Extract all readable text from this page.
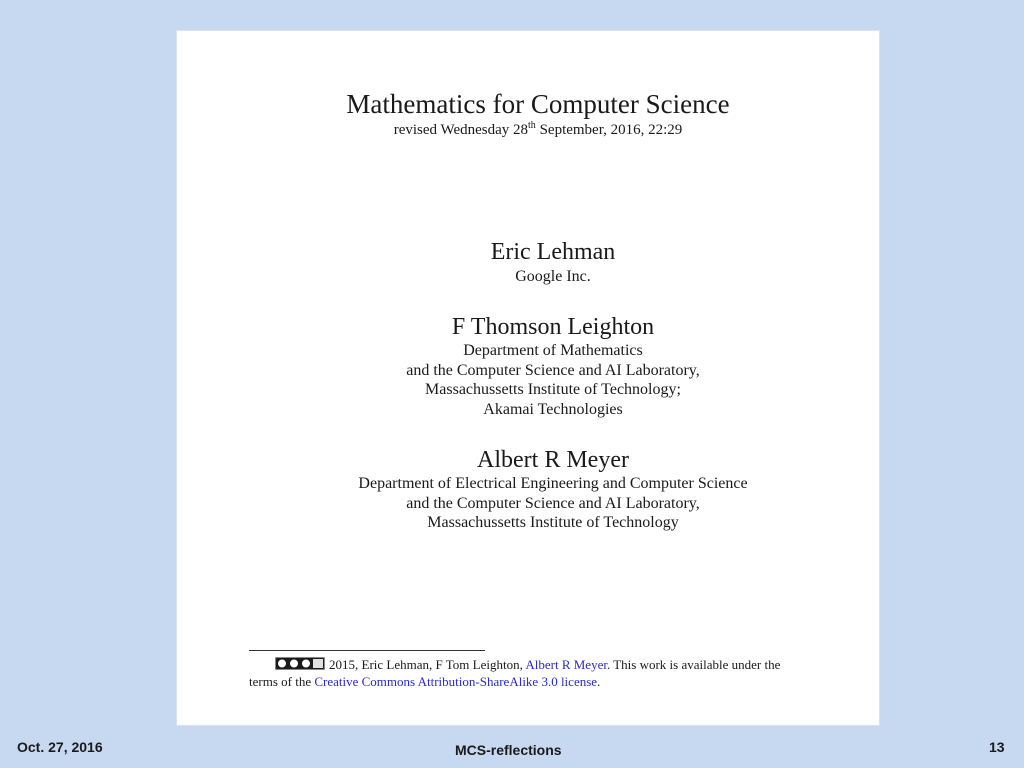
Mathematics for Computer Science
revised Wednesday 28th September, 2016, 22:29
Eric Lehman
Google Inc.
F Thomson Leighton
Department of Mathematics
and the Computer Science and AI Laboratory,
Massachussetts Institute of Technology;
Akamai Technologies
Albert R Meyer
Department of Electrical Engineering and Computer Science
and the Computer Science and AI Laboratory,
Massachussetts Institute of Technology
2015, Eric Lehman, F Tom Leighton, Albert R Meyer. This work is available under the
terms of the Creative Commons Attribution-ShareAlike 3.0 license.
Oct. 27, 2016	MCS-reflections	13
